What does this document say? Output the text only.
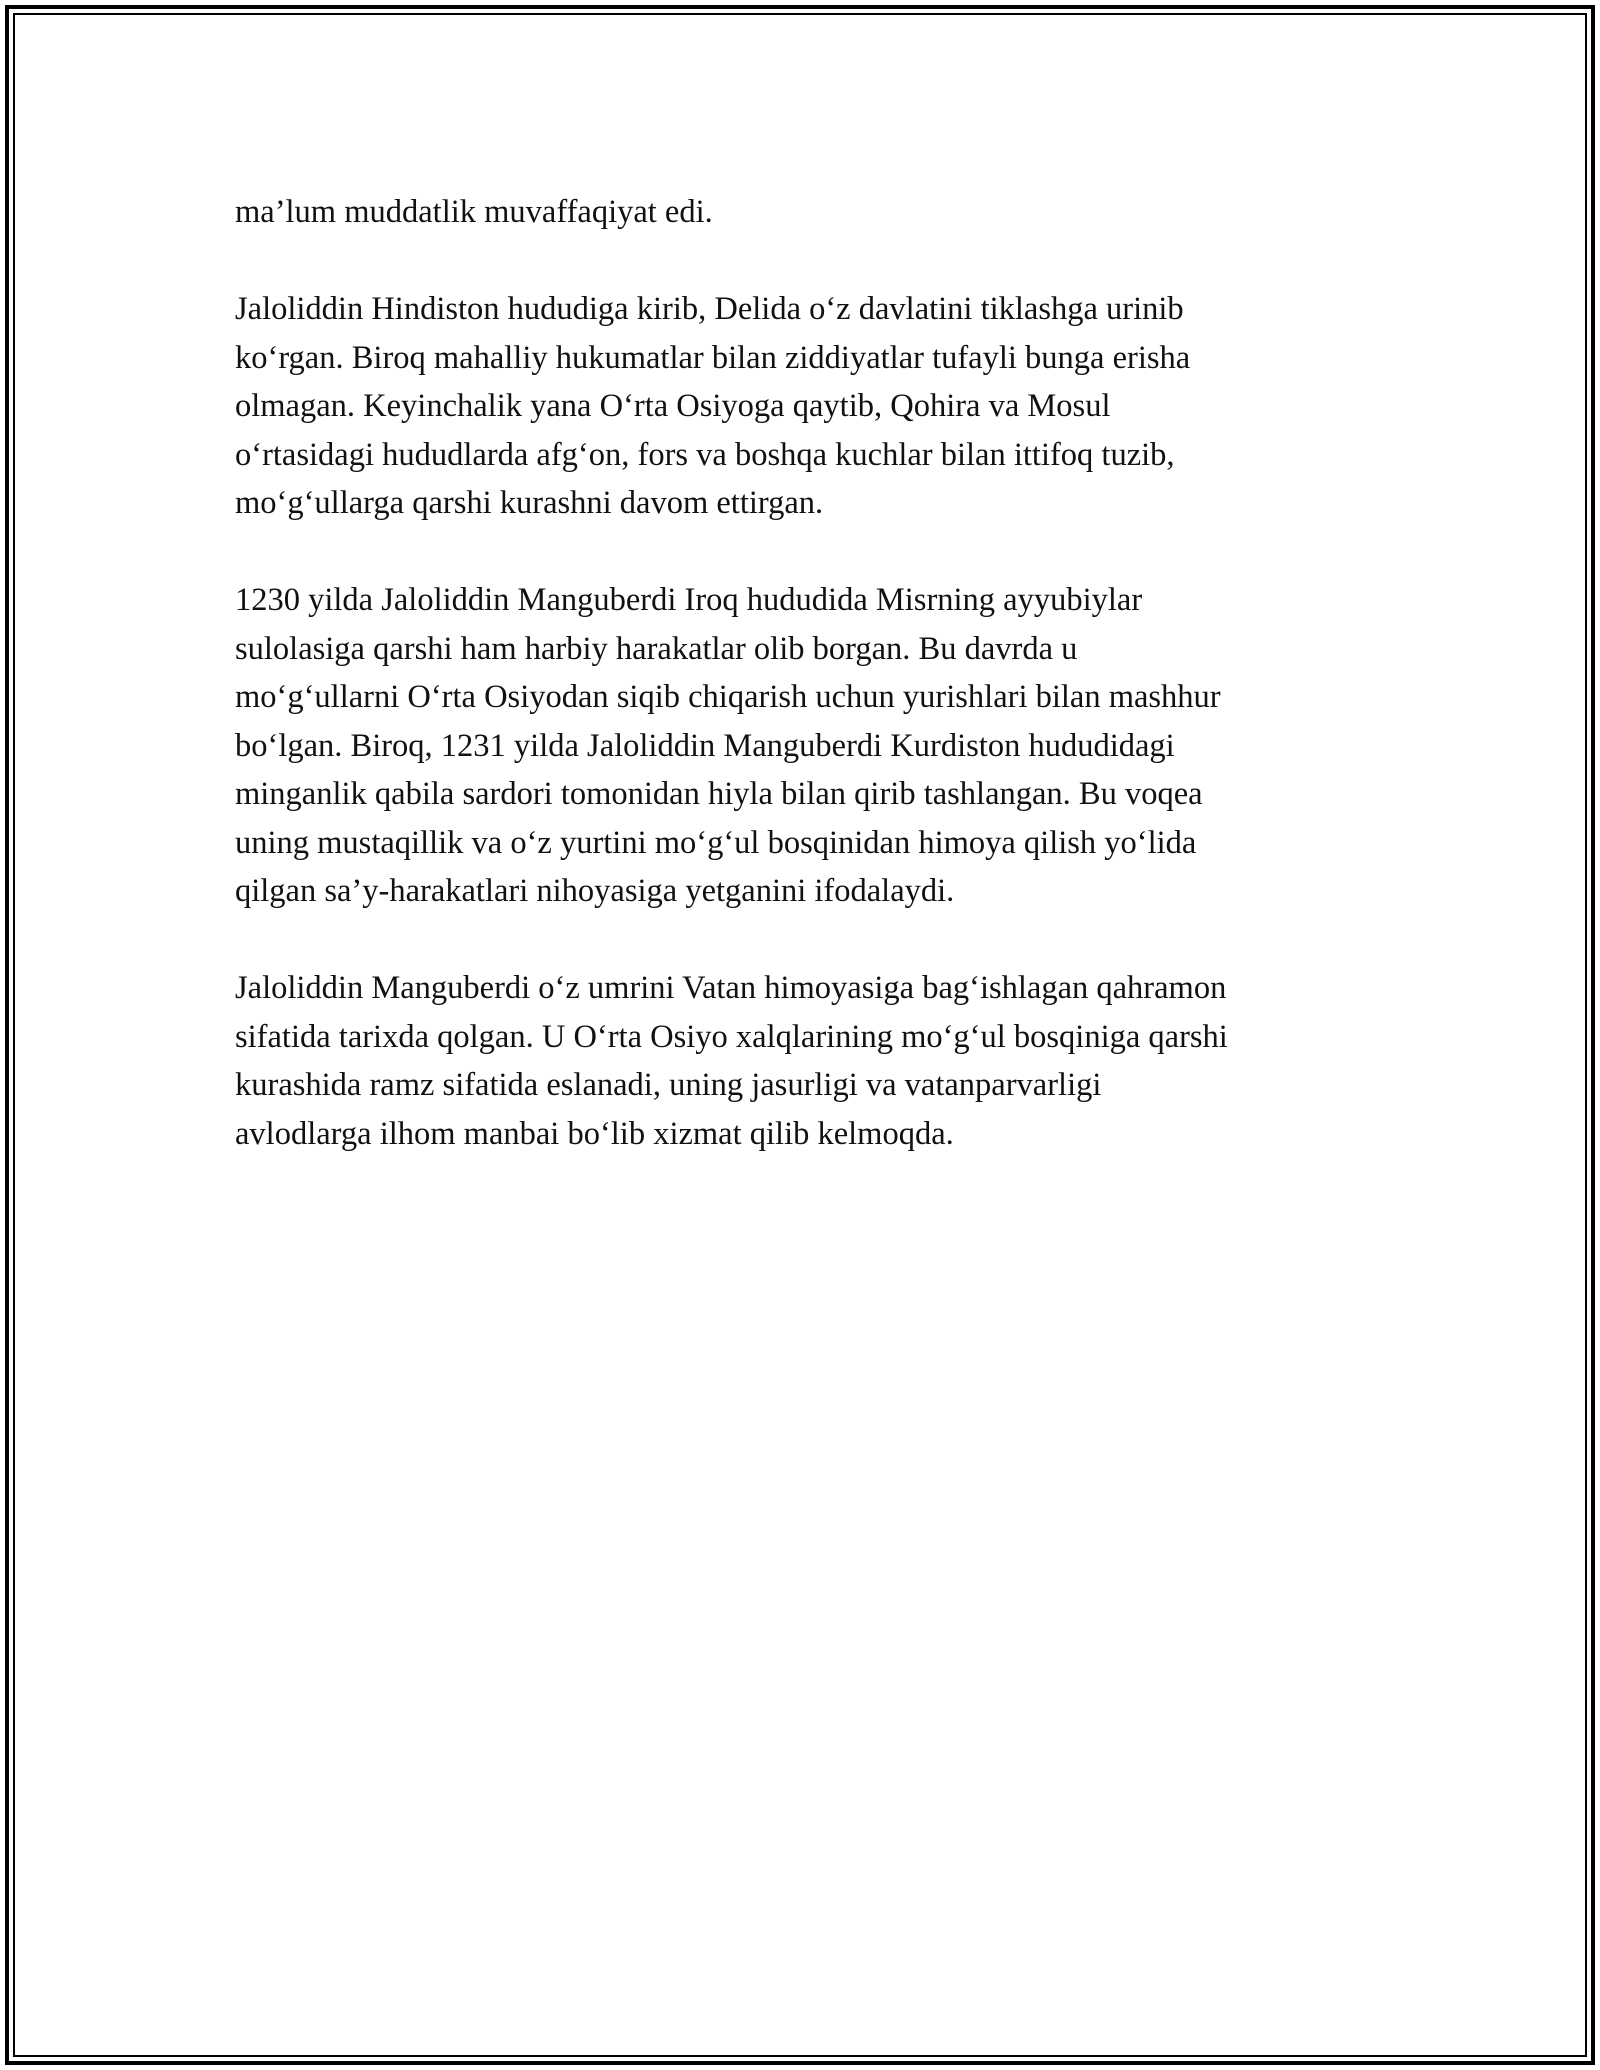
ma’lum muddatlik muvaffaqiyat edi.

Jaloliddin Hindiston hududiga kirib, Delida o‘z davlatini tiklashga urinib
ko‘rgan. Biroq mahalliy hukumatlar bilan ziddiyatlar tufayli bunga erisha
olmagan. Keyinchalik yana O‘rta Osiyoga qaytib, Qohira va Mosul
o‘rtasidagi hududlarda afg‘on, fors va boshqa kuchlar bilan ittifoq tuzib,
mo‘g‘ullarga qarshi kurashni davom ettirgan.

1230 yilda Jaloliddin Manguberdi Iroq hududida Misrning ayyubiylar
sulolasiga qarshi ham harbiy harakatlar olib borgan. Bu davrda u
mo‘g‘ullarni O‘rta Osiyodan siqib chiqarish uchun yurishlari bilan mashhur
bo‘lgan. Biroq, 1231 yilda Jaloliddin Manguberdi Kurdiston hududidagi
minganlik qabila sardori tomonidan hiyla bilan qirib tashlangan. Bu voqea
uning mustaqillik va o‘z yurtini mo‘g‘ul bosqinidan himoya qilish yo‘lida
qilgan sa’y-harakatlari nihoyasiga yetganini ifodalaydi.

Jaloliddin Manguberdi o‘z umrini Vatan himoyasiga bag‘ishlagan qahramon
sifatida tarixda qolgan. U O‘rta Osiyo xalqlarining mo‘g‘ul bosqiniga qarshi
kurashida ramz sifatida eslanadi, uning jasurligi va vatanparvarligi
avlodlarga ilhom manbai bo‘lib xizmat qilib kelmoqda.
